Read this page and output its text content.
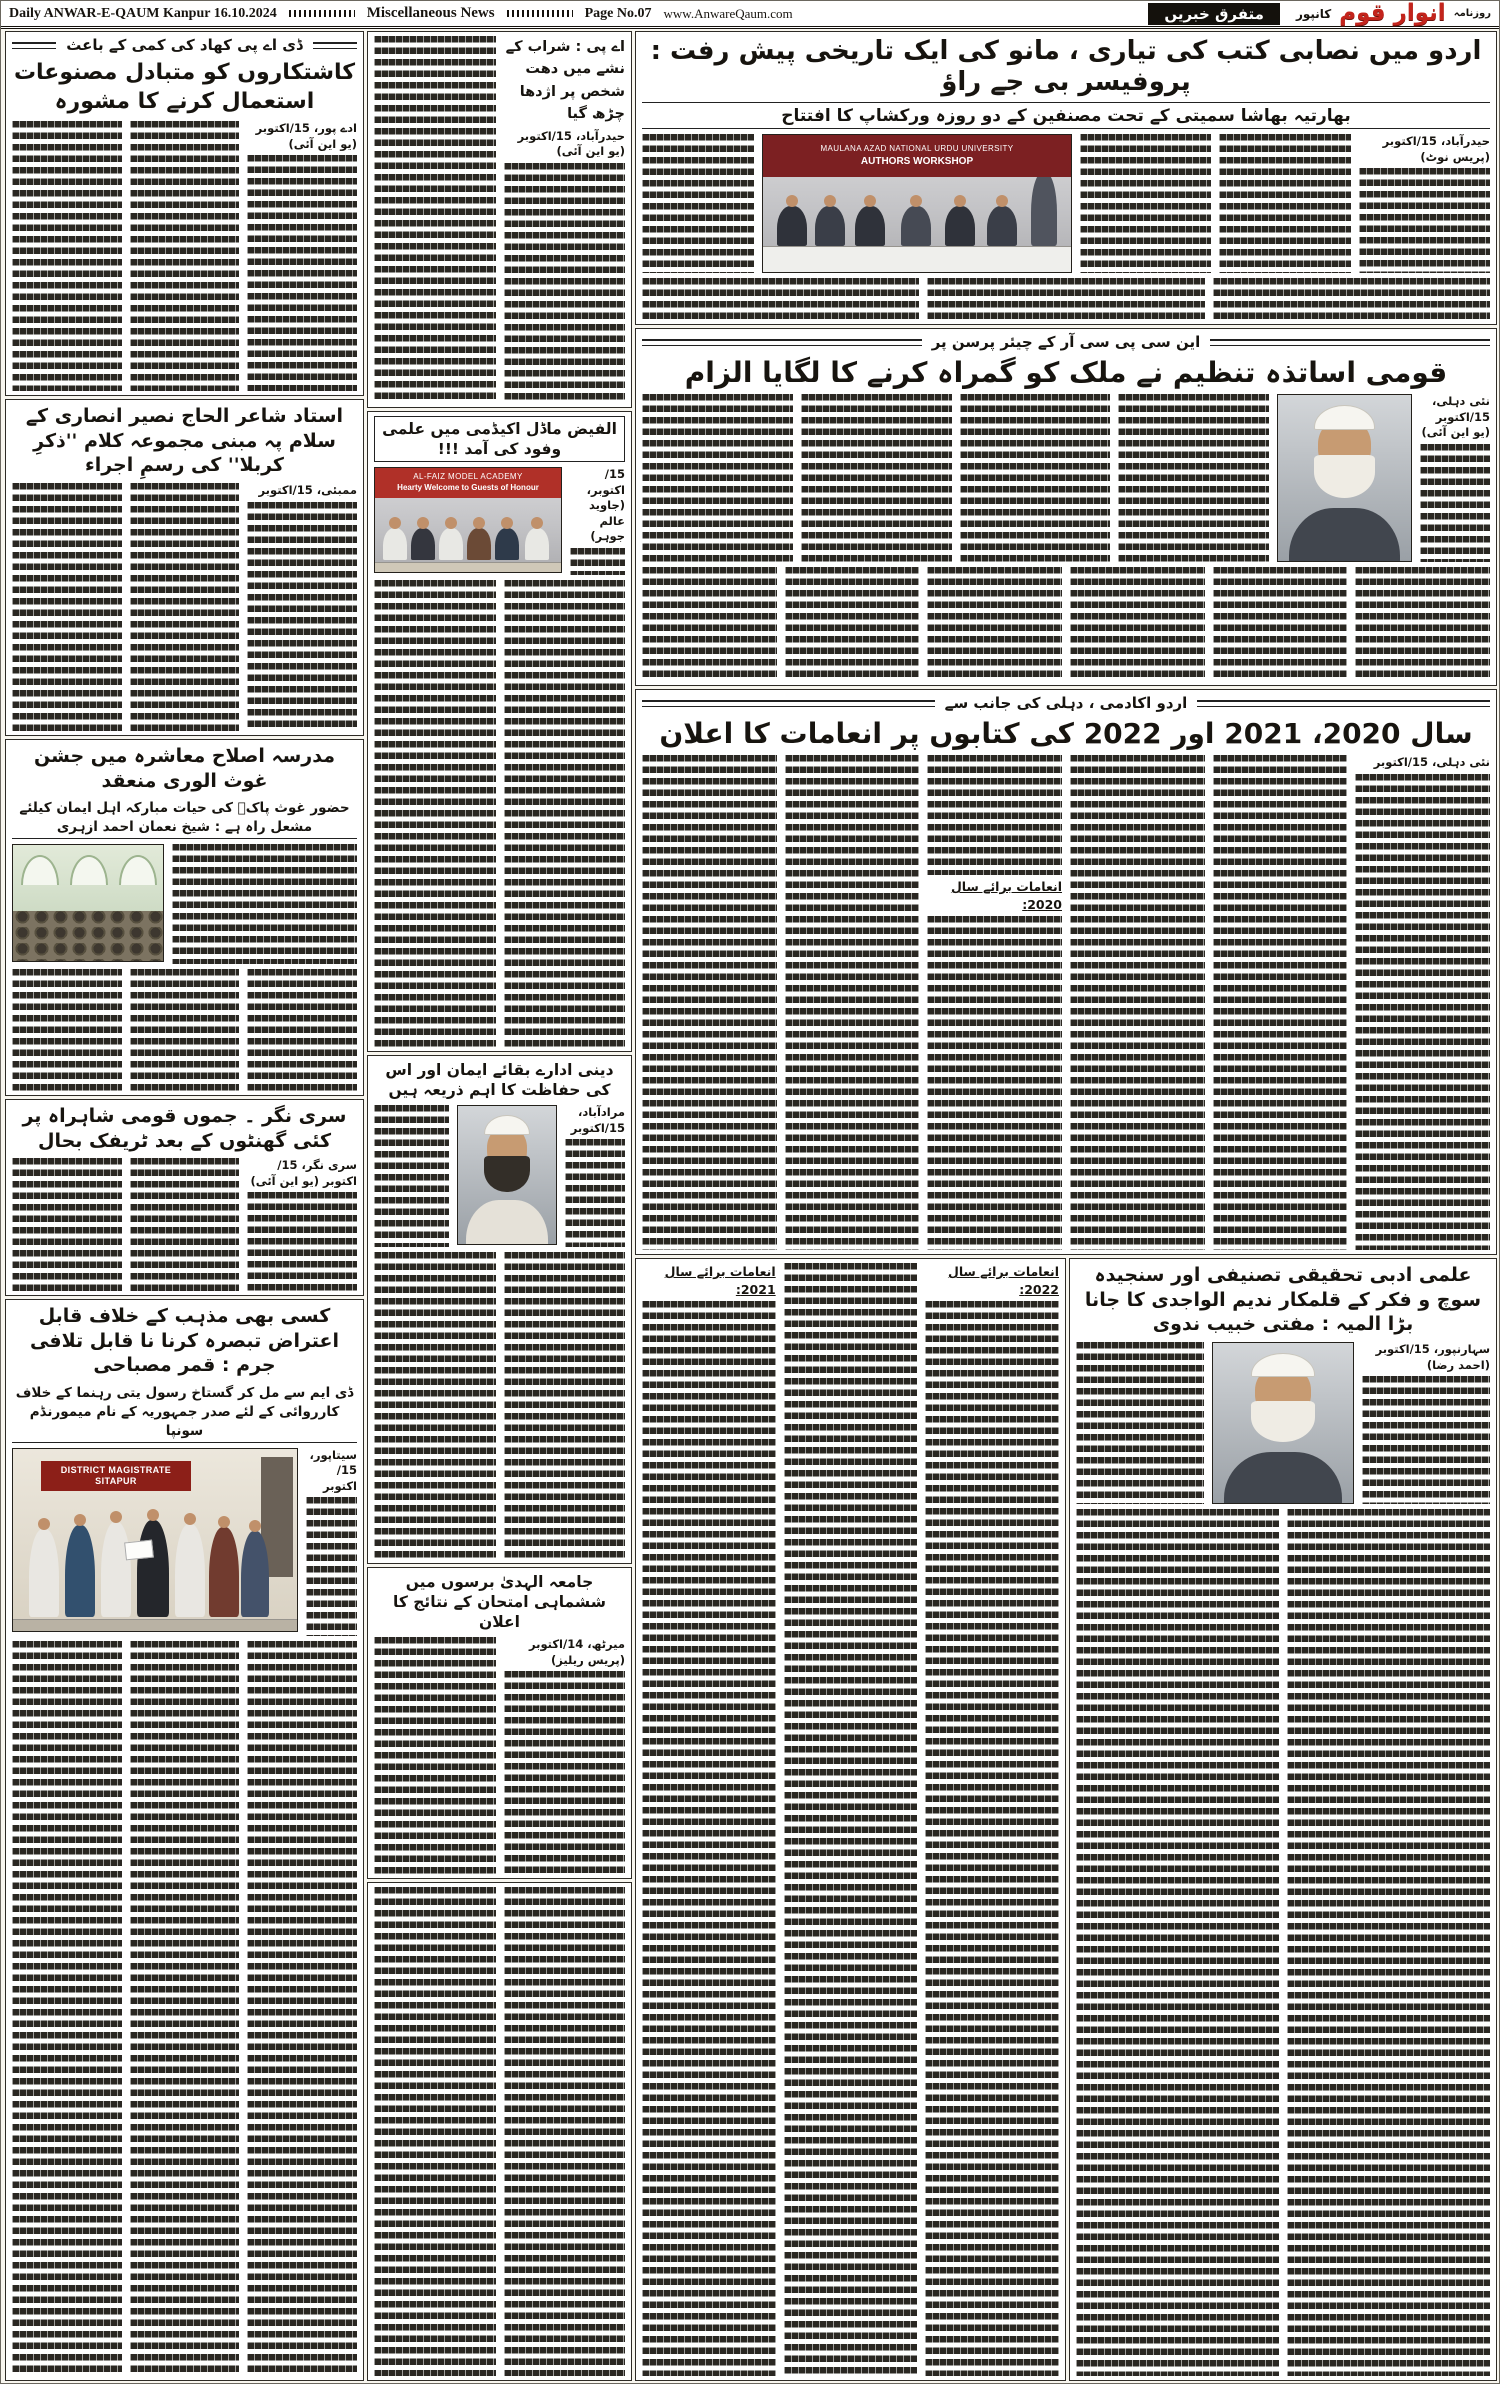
Daily ANWAR-E-QAUM Kanpur 16.10.2024	Miscellaneous News	Page No.07 www.AnwareQaum.com	متفرق خبریں	روزنامہ
انوار قوم
کانپور
اردو میں نصابی کتب کی تیاری ، مانو کی ایک تاریخی پیش رفت : پروفیسر بی جے راؤ
بھارتیہ بھاشا سمیتی کے تحت مصنفین کے دو روزہ ورکشاپ کا افتتاح
حیدرآباد، 15/اکتوبر (پریس نوٹ)
MAULANA AZAD NATIONAL URDU UNIVERSITY
AUTHORS WORKSHOP
این سی پی سی آر کے چیئر پرسن پر
قومی اساتذہ تنظیم نے ملک کو گمراہ کرنے کا لگایا الزام
نئی دہلی، 15/اکتوبر (یو این آئی)
اردو اکادمی ، دہلی کی جانب سے
سال 2020، 2021 اور 2022 کی کتابوں پر انعامات کا اعلان
نئی دہلی، 15/اکتوبر
انعامات برائے سال 2020:
انعامات برائے سال 2022:
انعامات برائے سال 2021:
علمی ادبی تحقیقی تصنیفی اور سنجیدہ سوچ و فکر کے قلمکار ندیم الواجدی کا جانا بڑا المیہ : مفتی خبیب ندوی
سہارنپور، 15/اکتوبر (احمد رضا)
اے پی : شراب کے نشے میں دھت شخص پر اژدھا چڑھ گیا
حیدرآباد، 15/اکتوبر (یو این آئی)
الفیض ماڈل اکیڈمی میں علمی وفود کی آمد !!!
15/اکتوبر، (جاوید عالم جوہر)
AL-FAIZ MODEL ACADEMY
Hearty Welcome to Guests of Honour
دینی ادارے بقائے ایمان اور اس کی حفاظت کا اہم ذریعہ ہیں
مرادآباد، 15/اکتوبر
جامعہ الہدیٰ برسوں میں ششماہی امتحان کے نتائج کا اعلان
میرٹھ، 14/اکتوبر (پریس ریلیز)
ڈی اے پی کھاد کی کمی کے باعث
کاشتکاروں کو متبادل مصنوعات استعمال کرنے کا مشورہ
ادے پور، 15/اکتوبر (یو این آئی)
استاد شاعر الحاج نصیر انصاری کے سلام پہ مبنی مجموعہ کلام ''ذکرِ کربلا'' کی رسمِ اجراء
ممبئی، 15/اکتوبر
مدرسہ اصلاح معاشرہ میں جشن غوث الوری منعقد
حضور غوث پاکؒ کی حیات مبارکہ اہل ایمان کیلئے مشعل راہ ہے : شیخ نعمان احمد ازہری
سری نگر ۔ جموں قومی شاہراہ پر کئی گھنٹوں کے بعد ٹریفک بحال
سری نگر، 15/اکتوبر (یو این آئی)
کسی بھی مذہب کے خلاف قابل اعتراض تبصرہ کرنا نا قابل تلافی جرم : قمر مصباحی
ڈی ایم سے مل کر گستاخ رسول یتی رہنما کے خلاف کارروائی کے لئے صدر جمہوریہ کے نام میمورنڈم سونپا
سیتاپور، 15/اکتوبر
DISTRICT MAGISTRATE SITAPUR
